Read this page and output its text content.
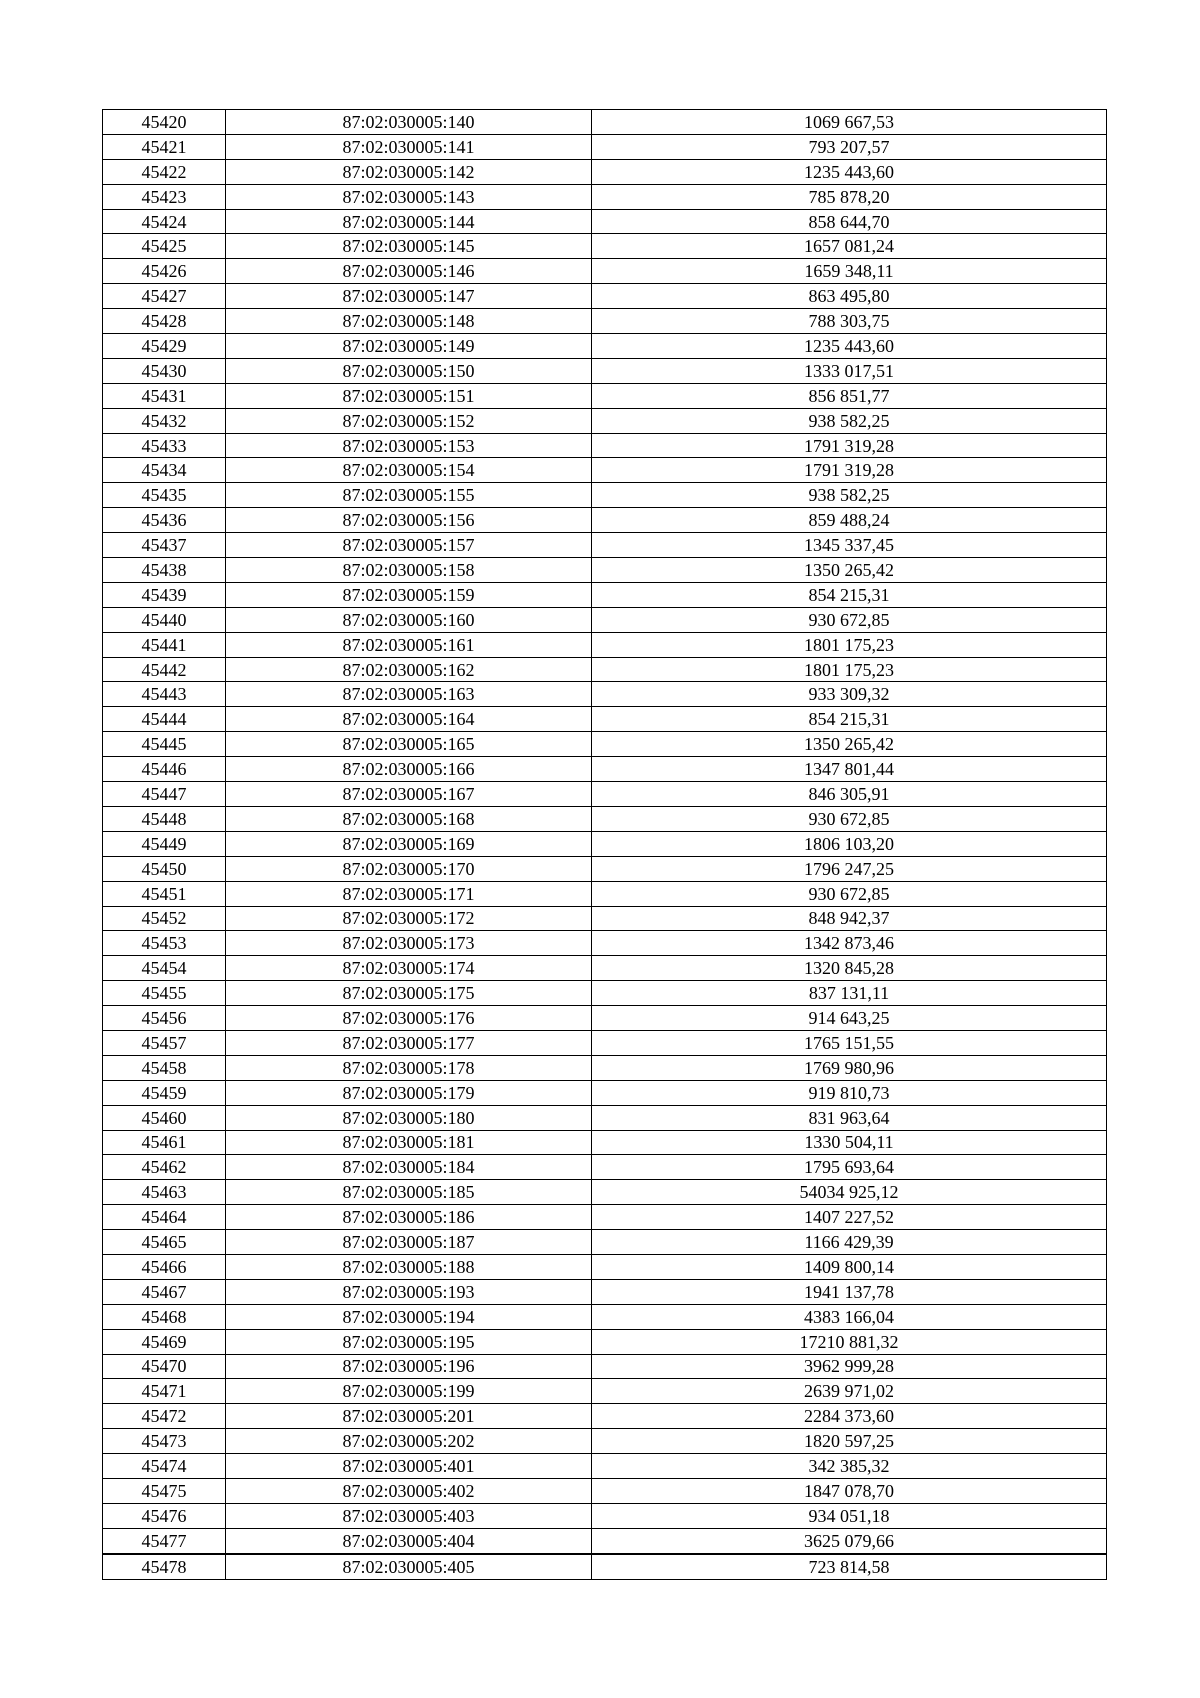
45420	87:02:030005:140	1069 667,53
45421	87:02:030005:141	793 207,57
45422	87:02:030005:142	1235 443,60
45423	87:02:030005:143	785 878,20
45424	87:02:030005:144	858 644,70
45425	87:02:030005:145	1657 081,24
45426	87:02:030005:146	1659 348,11
45427	87:02:030005:147	863 495,80
45428	87:02:030005:148	788 303,75
45429	87:02:030005:149	1235 443,60
45430	87:02:030005:150	1333 017,51
45431	87:02:030005:151	856 851,77
45432	87:02:030005:152	938 582,25
45433	87:02:030005:153	1791 319,28
45434	87:02:030005:154	1791 319,28
45435	87:02:030005:155	938 582,25
45436	87:02:030005:156	859 488,24
45437	87:02:030005:157	1345 337,45
45438	87:02:030005:158	1350 265,42
45439	87:02:030005:159	854 215,31
45440	87:02:030005:160	930 672,85
45441	87:02:030005:161	1801 175,23
45442	87:02:030005:162	1801 175,23
45443	87:02:030005:163	933 309,32
45444	87:02:030005:164	854 215,31
45445	87:02:030005:165	1350 265,42
45446	87:02:030005:166	1347 801,44
45447	87:02:030005:167	846 305,91
45448	87:02:030005:168	930 672,85
45449	87:02:030005:169	1806 103,20
45450	87:02:030005:170	1796 247,25
45451	87:02:030005:171	930 672,85
45452	87:02:030005:172	848 942,37
45453	87:02:030005:173	1342 873,46
45454	87:02:030005:174	1320 845,28
45455	87:02:030005:175	837 131,11
45456	87:02:030005:176	914 643,25
45457	87:02:030005:177	1765 151,55
45458	87:02:030005:178	1769 980,96
45459	87:02:030005:179	919 810,73
45460	87:02:030005:180	831 963,64
45461	87:02:030005:181	1330 504,11
45462	87:02:030005:184	1795 693,64
45463	87:02:030005:185	54034 925,12
45464	87:02:030005:186	1407 227,52
45465	87:02:030005:187	1166 429,39
45466	87:02:030005:188	1409 800,14
45467	87:02:030005:193	1941 137,78
45468	87:02:030005:194	4383 166,04
45469	87:02:030005:195	17210 881,32
45470	87:02:030005:196	3962 999,28
45471	87:02:030005:199	2639 971,02
45472	87:02:030005:201	2284 373,60
45473	87:02:030005:202	1820 597,25
45474	87:02:030005:401	342 385,32
45475	87:02:030005:402	1847 078,70
45476	87:02:030005:403	934 051,18
45477	87:02:030005:404	3625 079,66
45478	87:02:030005:405	723 814,58
